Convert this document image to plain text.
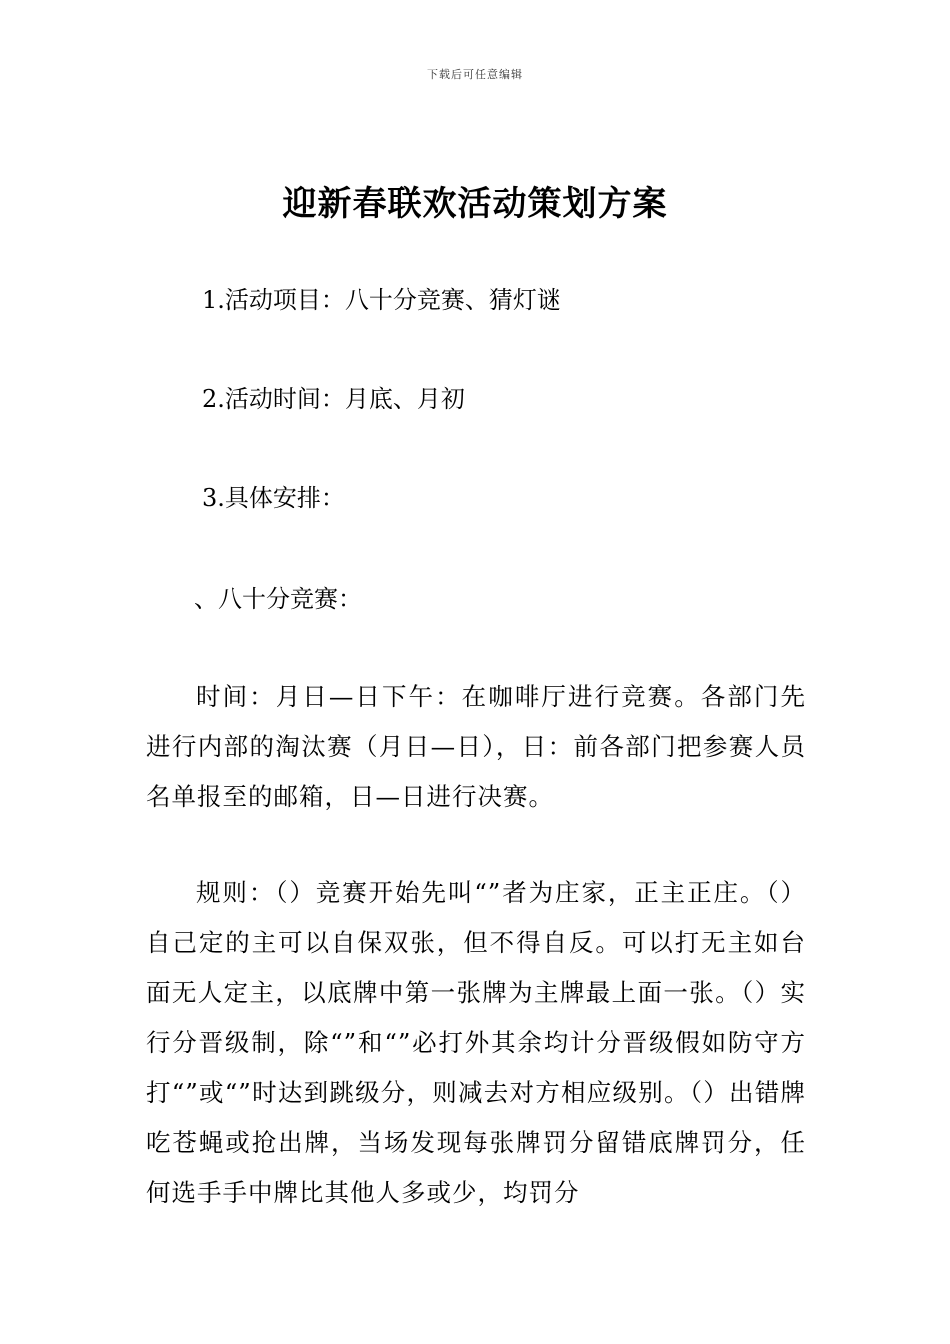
下载后可任意编辑
迎新春联欢活动策划方案
1.活动项目：八十分竞赛、猜灯谜
2.活动时间：月底、月初
3.具体安排：
、八十分竞赛：

时间：月日—日下午：在咖啡厅进行竞赛。各部门先进行内部的淘汰赛（月日—日），日：前各部门把参赛人员名单报至的邮箱，日—日进行决赛。

规则：（）竞赛开始先叫“”者为庄家，正主正庄。（）自己定的主可以自保双张，但不得自反。可以打无主如台面无人定主，以底牌中第一张牌为主牌最上面一张。（）实行分晋级制，除“”和“”必打外其余均计分晋级假如防守方打“”或“”时达到跳级分，则减去对方相应级别。（）出错牌吃苍蝇或抢出牌，当场发现每张牌罚分留错底牌罚分，任何选手手中牌比其他人多或少，均罚分
